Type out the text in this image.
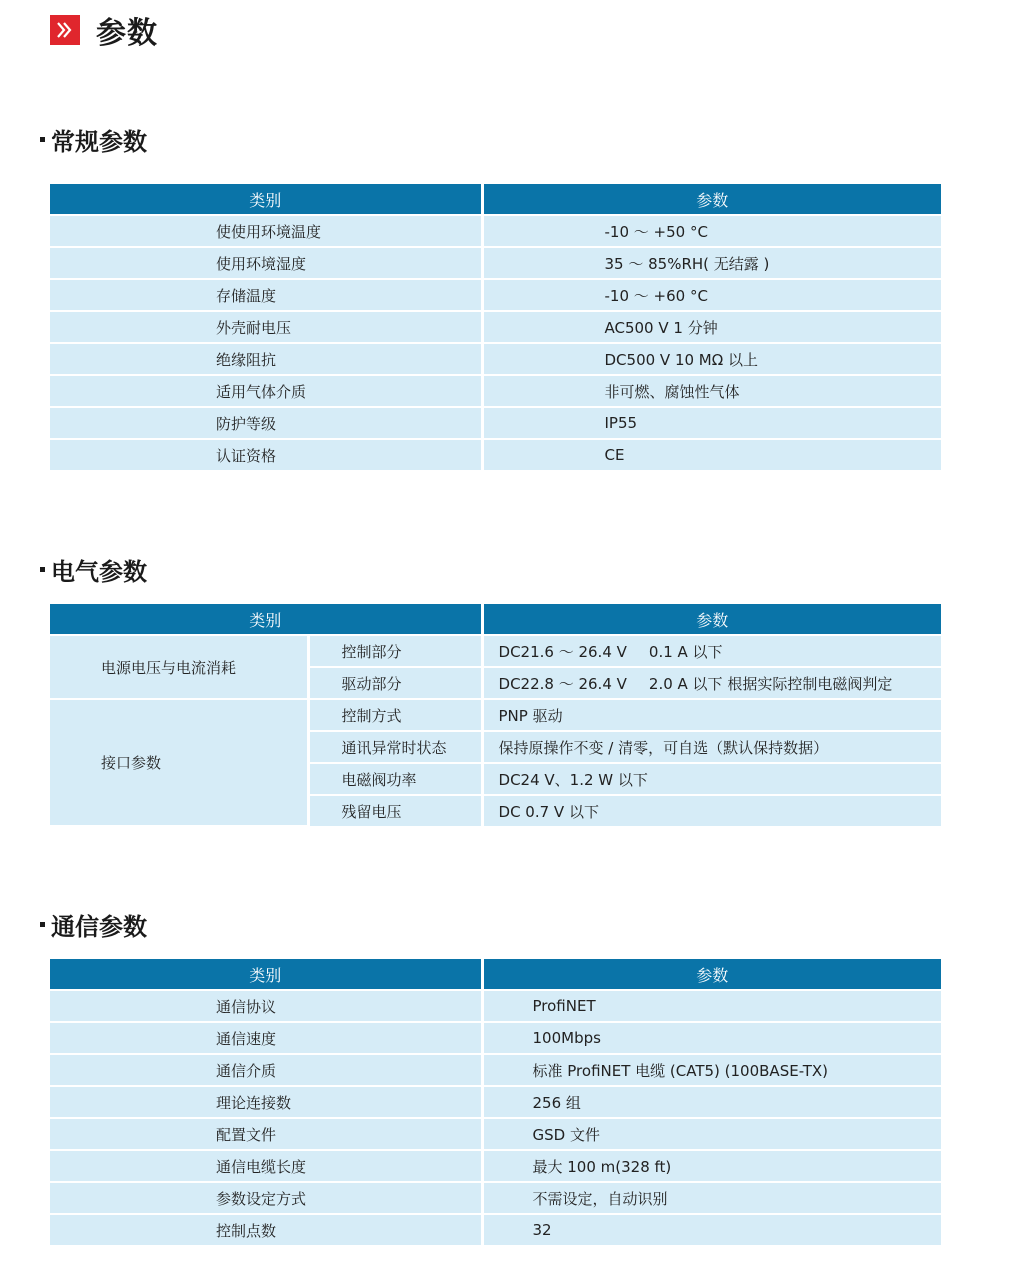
参数
常规参数
类别	参数
使使用环境温度	-10 ～ +50 °C
使用环境湿度	35 ～ 85%RH( 无结露 )
存储温度	-10 ～ +60 °C
外壳耐电压	AC500 V 1 分钟
绝缘阻抗	DC500 V 10 MΩ 以上
适用气体介质	非可燃、腐蚀性气体
防护等级	IP55
认证资格	CE
电气参数
类别		参数
电源电压与电流消耗	控制部分	DC21.6 ～ 26.4 V 0.1 A 以下
	驱动部分	DC22.8 ～ 26.4 V 2.0 A 以下 根据实际控制电磁阀判定
接口参数	控制方式	PNP 驱动
	通讯异常时状态	保持原操作不变 / 清零，可自选（默认保持数据）
	电磁阀功率	DC24 V、1.2 W 以下
	残留电压	DC 0.7 V 以下
通信参数
类别	参数
通信协议	ProfiNET
通信速度	100Mbps
通信介质	标准 ProfiNET 电缆 (CAT5) (100BASE-TX)
理论连接数	256 组
配置文件	GSD 文件
通信电缆长度	最大 100 m(328 ft)
参数设定方式	不需设定，自动识别
控制点数	32
